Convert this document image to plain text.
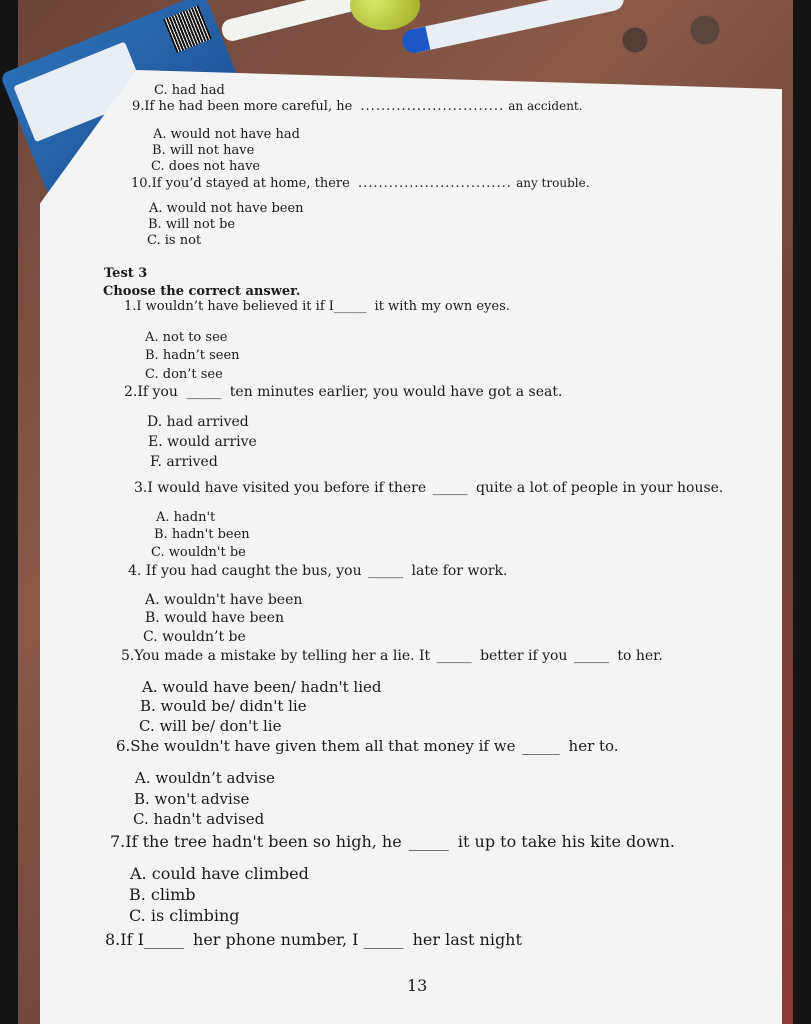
C. had had
9.If he had been more careful, he ............................ an accident.
A. would not have had
B. will not have
C. does not have
10.If you’d stayed at home, there .............................. any trouble.
A. would not have been
B. will not be
C. is not
Test 3
Choose the correct answer.
1.I wouldn’t have believed it if I_____ it with my own eyes.
A. not to see
B. hadn’t seen
C. don’t see
2.If you _____ ten minutes earlier, you would have got a seat.
D. had arrived
E. would arrive
F. arrived
3.I would have visited you before if there _____ quite a lot of people in your house.
A. hadn't
B. hadn't been
C. wouldn't be
4. If you had caught the bus, you _____ late for work.
A. wouldn't have been
B. would have been
C. wouldn’t be
5.You made a mistake by telling her a lie. It _____ better if you _____ to her.
A. would have been/ hadn't lied
B. would be/ didn't lie
C. will be/ don't lie
6.She wouldn't have given them all that money if we _____ her to.
A. wouldn’t advise
B. won't advise
C. hadn't advised
7.If the tree hadn't been so high, he _____ it up to take his kite down.
A. could have climbed
B. climb
C. is climbing
8.If I_____ her phone number, I _____ her last night
13
